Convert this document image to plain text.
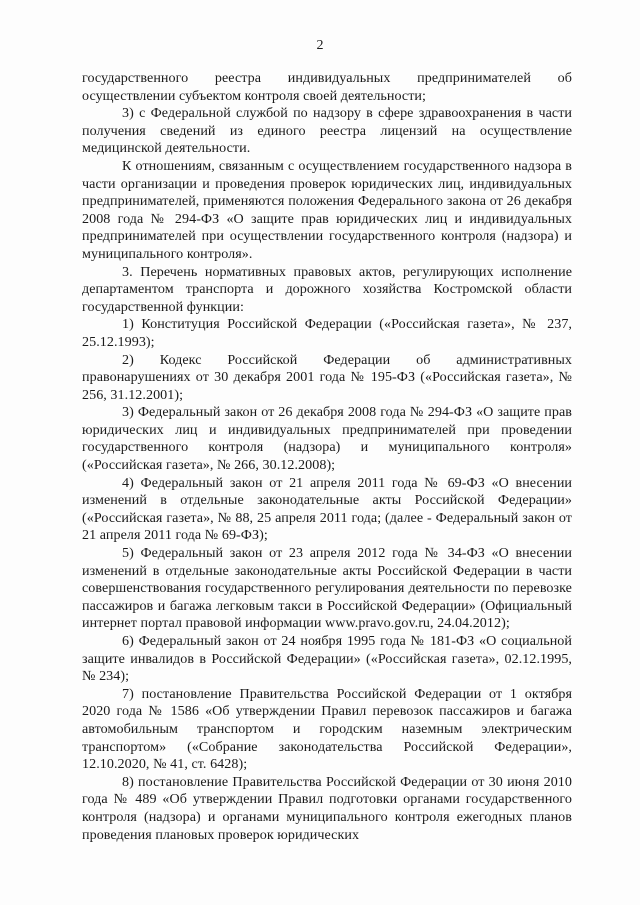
2

государственного реестра индивидуальных предпринимателей об осуществлении субъектом контроля своей деятельности;

3) с Федеральной службой по надзору в сфере здравоохранения в части получения сведений из единого реестра лицензий на осуществление медицинской деятельности.

К отношениям, связанным с осуществлением государственного надзора в части организации и проведения проверок юридических лиц, индивидуальных предпринимателей, применяются положения Федерального закона от 26 декабря 2008 года № 294-ФЗ «О защите прав юридических лиц и индивидуальных предпринимателей при осуществлении государственного контроля (надзора) и муниципального контроля».

3. Перечень нормативных правовых актов, регулирующих исполнение департаментом транспорта и дорожного хозяйства Костромской области государственной функции:

1) Конституция Российской Федерации («Российская газета», № 237, 25.12.1993);

2) Кодекс Российской Федерации об административных правонарушениях от 30 декабря 2001 года № 195-ФЗ («Российская газета», № 256, 31.12.2001);

3) Федеральный закон от 26 декабря 2008 года № 294-ФЗ «О защите прав юридических лиц и индивидуальных предпринимателей при проведении государственного контроля (надзора) и муниципального контроля» («Российская газета», № 266, 30.12.2008);

4) Федеральный закон от 21 апреля 2011 года № 69-ФЗ «О внесении изменений в отдельные законодательные акты Российской Федерации» («Российская газета», № 88, 25 апреля 2011 года; (далее - Федеральный закон от 21 апреля 2011 года № 69-ФЗ);

5) Федеральный закон от 23 апреля 2012 года № 34-ФЗ «О внесении изменений в отдельные законодательные акты Российской Федерации в части совершенствования государственного регулирования деятельности по перевозке пассажиров и багажа легковым такси в Российской Федерации» (Официальный интернет портал правовой информации www.pravo.gov.ru, 24.04.2012);

6) Федеральный закон от 24 ноября 1995 года № 181-ФЗ «О социальной защите инвалидов в Российской Федерации» («Российская газета», 02.12.1995, № 234);

7) постановление Правительства Российской Федерации от 1 октября 2020 года № 1586 «Об утверждении Правил перевозок пассажиров и багажа автомобильным транспортом и городским наземным электрическим транспортом» («Собрание законодательства Российской Федерации», 12.10.2020, № 41, ст. 6428);

8) постановление Правительства Российской Федерации от 30 июня 2010 года № 489 «Об утверждении Правил подготовки органами государственного контроля (надзора) и органами муниципального контроля ежегодных планов проведения плановых проверок юридических
